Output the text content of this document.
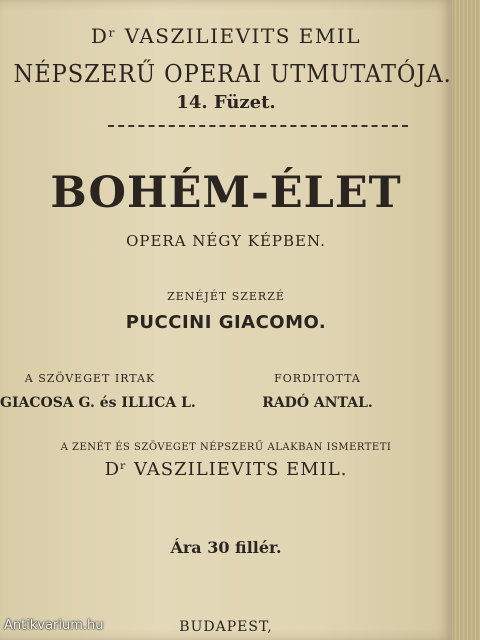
Dʳ VASZILIEVITS EMIL
NÉPSZERŰ OPERAI UTMUTATÓJA.
14. Füzet.
BOHÉM-ÉLET
OPERA NÉGY KÉPBEN.
ZENÉJÉT SZERZÉ
PUCCINI GIACOMO.
A SZÖVEGET IRTAK
GIACOSA G. és ILLICA L.
FORDITOTTA
RADÓ ANTAL.
A ZENÉT ÉS SZÖVEGET NÉPSZERŰ ALAKBAN ISMERTETI
Dʳ VASZILIEVITS EMIL.
Ára 30 fillér.
BUDAPEST,
Antikvarium.hu
